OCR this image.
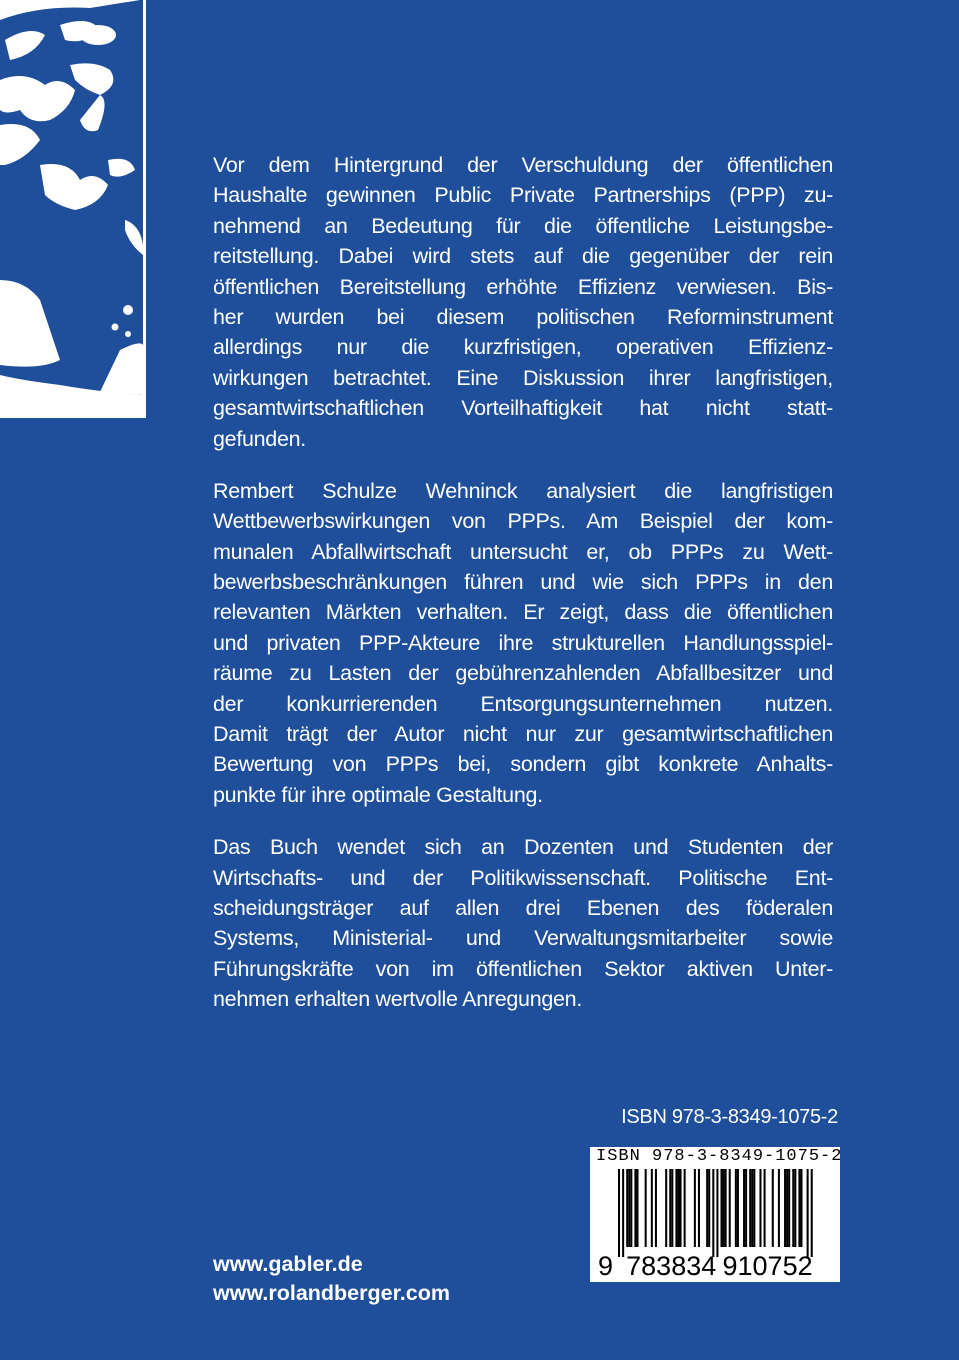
Vor dem Hintergrund der Verschuldung der öffentlichen
Haushalte gewinnen Public Private Partnerships (PPP) zu-
nehmend an Bedeutung für die öffentliche Leistungsbe-
reitstellung. Dabei wird stets auf die gegenüber der rein
öffentlichen Bereitstellung erhöhte Effizienz verwiesen. Bis-
her wurden bei diesem politischen Reforminstrument
allerdings nur die kurzfristigen, operativen Effizienz-
wirkungen betrachtet. Eine Diskussion ihrer langfristigen,
gesamtwirtschaftlichen Vorteilhaftigkeit hat nicht statt-
gefunden.
Rembert Schulze Wehninck analysiert die langfristigen
Wettbewerbswirkungen von PPPs. Am Beispiel der kom-
munalen Abfallwirtschaft untersucht er, ob PPPs zu Wett-
bewerbsbeschränkungen führen und wie sich PPPs in den
relevanten Märkten verhalten. Er zeigt, dass die öffentlichen
und privaten PPP-Akteure ihre strukturellen Handlungsspiel-
räume zu Lasten der gebührenzahlenden Abfallbesitzer und
der konkurrierenden Entsorgungsunternehmen nutzen.
Damit trägt der Autor nicht nur zur gesamtwirtschaftlichen
Bewertung von PPPs bei, sondern gibt konkrete Anhalts-
punkte für ihre optimale Gestaltung.
Das Buch wendet sich an Dozenten und Studenten der
Wirtschafts- und der Politikwissenschaft. Politische Ent-
scheidungsträger auf allen drei Ebenen des föderalen
Systems, Ministerial- und Verwaltungsmitarbeiter sowie
Führungskräfte von im öffentlichen Sektor aktiven Unter-
nehmen erhalten wertvolle Anregungen.
ISBN 978-3-8349-1075-2
ISBN 978-3-8349-1075-2
9 783834 910752
www.gabler.de
www.rolandberger.com
